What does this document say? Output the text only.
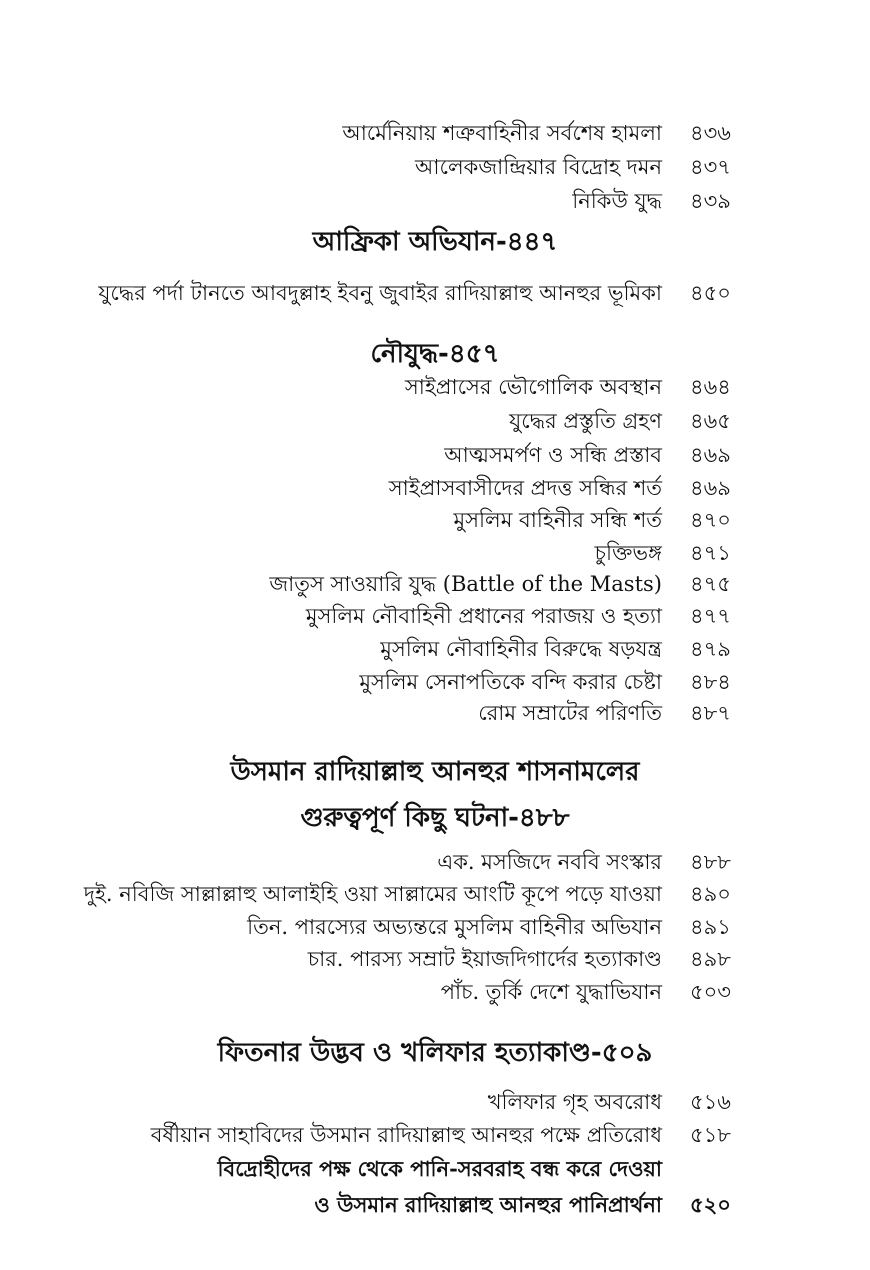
আর্মেনিয়ায় শত্রুবাহিনীর সর্বশেষ হামলা ৪৩৬
আলেকজান্দ্রিয়ার বিদ্রোহ দমন ৪৩৭
নিকিউ যুদ্ধ ৪৩৯
আফ্রিকা অভিযান-৪৪৭
যুদ্ধের পর্দা টানতে আবদুল্লাহ ইবনু জুবাইর রাদিয়াল্লাহু আনহুর ভূমিকা ৪৫০
নৌযুদ্ধ-৪৫৭
সাইপ্রাসের ভৌগোলিক অবস্থান ৪৬৪
যুদ্ধের প্রস্তুতি গ্রহণ ৪৬৫
আত্মসমর্পণ ও সন্ধি প্রস্তাব ৪৬৯
সাইপ্রাসবাসীদের প্রদত্ত সন্ধির শর্ত ৪৬৯
মুসলিম বাহিনীর সন্ধি শর্ত ৪৭০
চুক্তিভঙ্গ ৪৭১
জাতুস সাওয়ারি যুদ্ধ (Battle of the Masts) ৪৭৫
মুসলিম নৌবাহিনী প্রধানের পরাজয় ও হত্যা ৪৭৭
মুসলিম নৌবাহিনীর বিরুদ্ধে ষড়যন্ত্র ৪৭৯
মুসলিম সেনাপতিকে বন্দি করার চেষ্টা ৪৮৪
রোম সম্রাটের পরিণতি ৪৮৭
উসমান রাদিয়াল্লাহু আনহুর শাসনামলের
গুরুত্বপূর্ণ কিছু ঘটনা-৪৮৮
এক. মসজিদে নববি সংস্কার ৪৮৮
দুই. নবিজি সাল্লাল্লাহু আলাইহি ওয়া সাল্লামের আংটি কূপে পড়ে যাওয়া ৪৯০
তিন. পারস্যের অভ্যন্তরে মুসলিম বাহিনীর অভিযান ৪৯১
চার. পারস্য সম্রাট ইয়াজদিগার্দের হত্যাকাণ্ড ৪৯৮
পাঁচ. তুর্কি দেশে যুদ্ধাভিযান ৫০৩
ফিতনার উদ্ভব ও খলিফার হত্যাকাণ্ড-৫০৯
খলিফার গৃহ অবরোধ ৫১৬
বর্ষীয়ান সাহাবিদের উসমান রাদিয়াল্লাহু আনহুর পক্ষে প্রতিরোধ ৫১৮
বিদ্রোহীদের পক্ষ থেকে পানি-সরবরাহ বন্ধ করে দেওয়া
ও উসমান রাদিয়াল্লাহু আনহুর পানিপ্রার্থনা ৫২০
